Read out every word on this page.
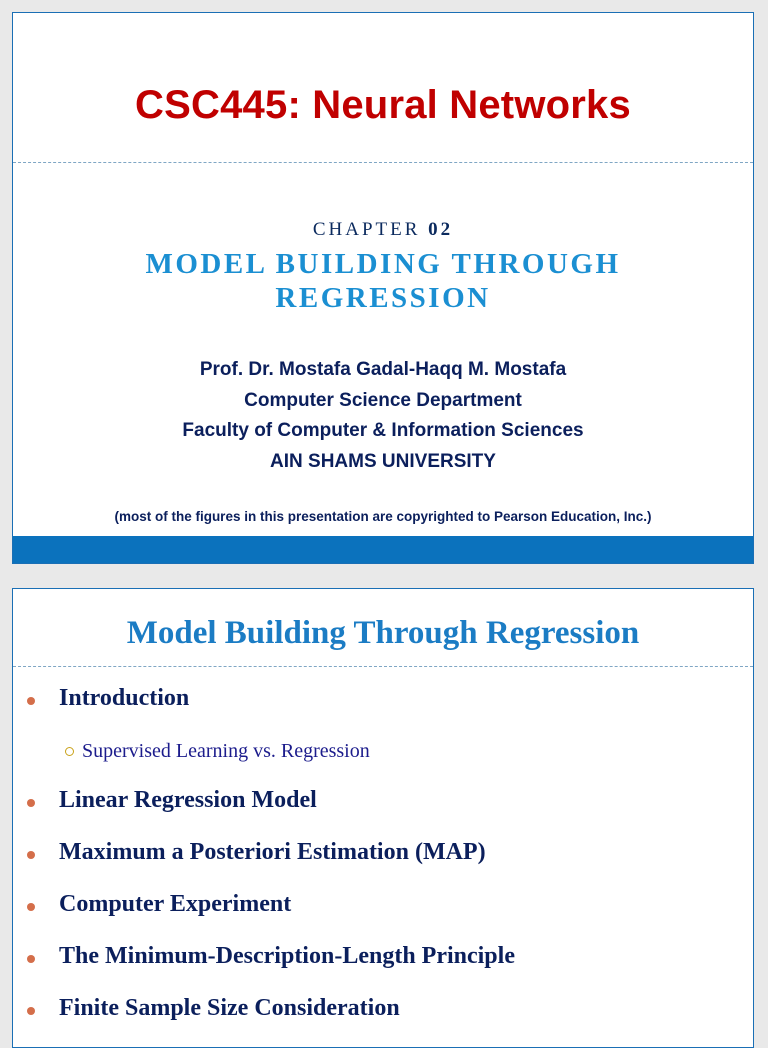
CSC445: Neural Networks
CHAPTER 02
MODEL BUILDING THROUGH
REGRESSION
Prof. Dr. Mostafa Gadal-Haqq M. Mostafa
Computer Science Department
Faculty of Computer & Information Sciences
AIN SHAMS UNIVERSITY
(most of the figures in this presentation are copyrighted to Pearson Education, Inc.)
Model Building Through Regression
Introduction
Supervised Learning vs. Regression
Linear Regression Model
Maximum a Posteriori Estimation (MAP)
Computer Experiment
The Minimum-Description-Length Principle
Finite Sample Size Consideration
